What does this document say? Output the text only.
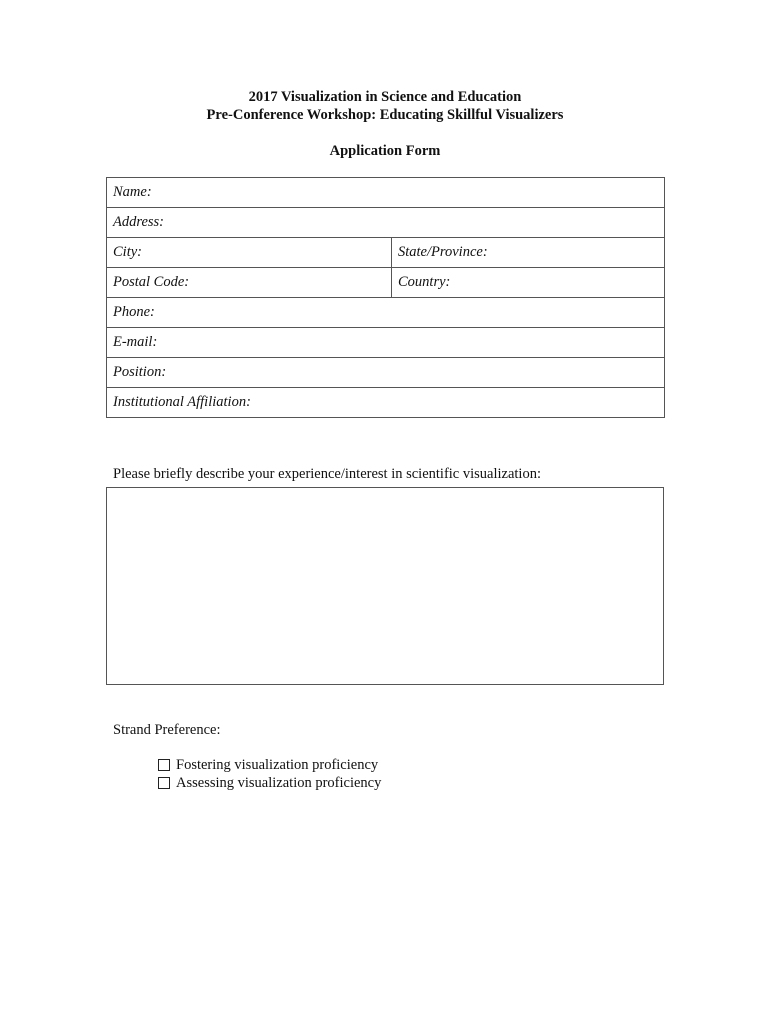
2017 Visualization in Science and Education
Pre-Conference Workshop: Educating Skillful Visualizers
Application Form
Name:	
Address:	
City:	State/Province:
Postal Code:	Country:
Phone:	
E-mail:	
Position:	
Institutional Affiliation:	
Please briefly describe your experience/interest in scientific visualization:
Strand Preference:
Fostering visualization proficiency
Assessing visualization proficiency
